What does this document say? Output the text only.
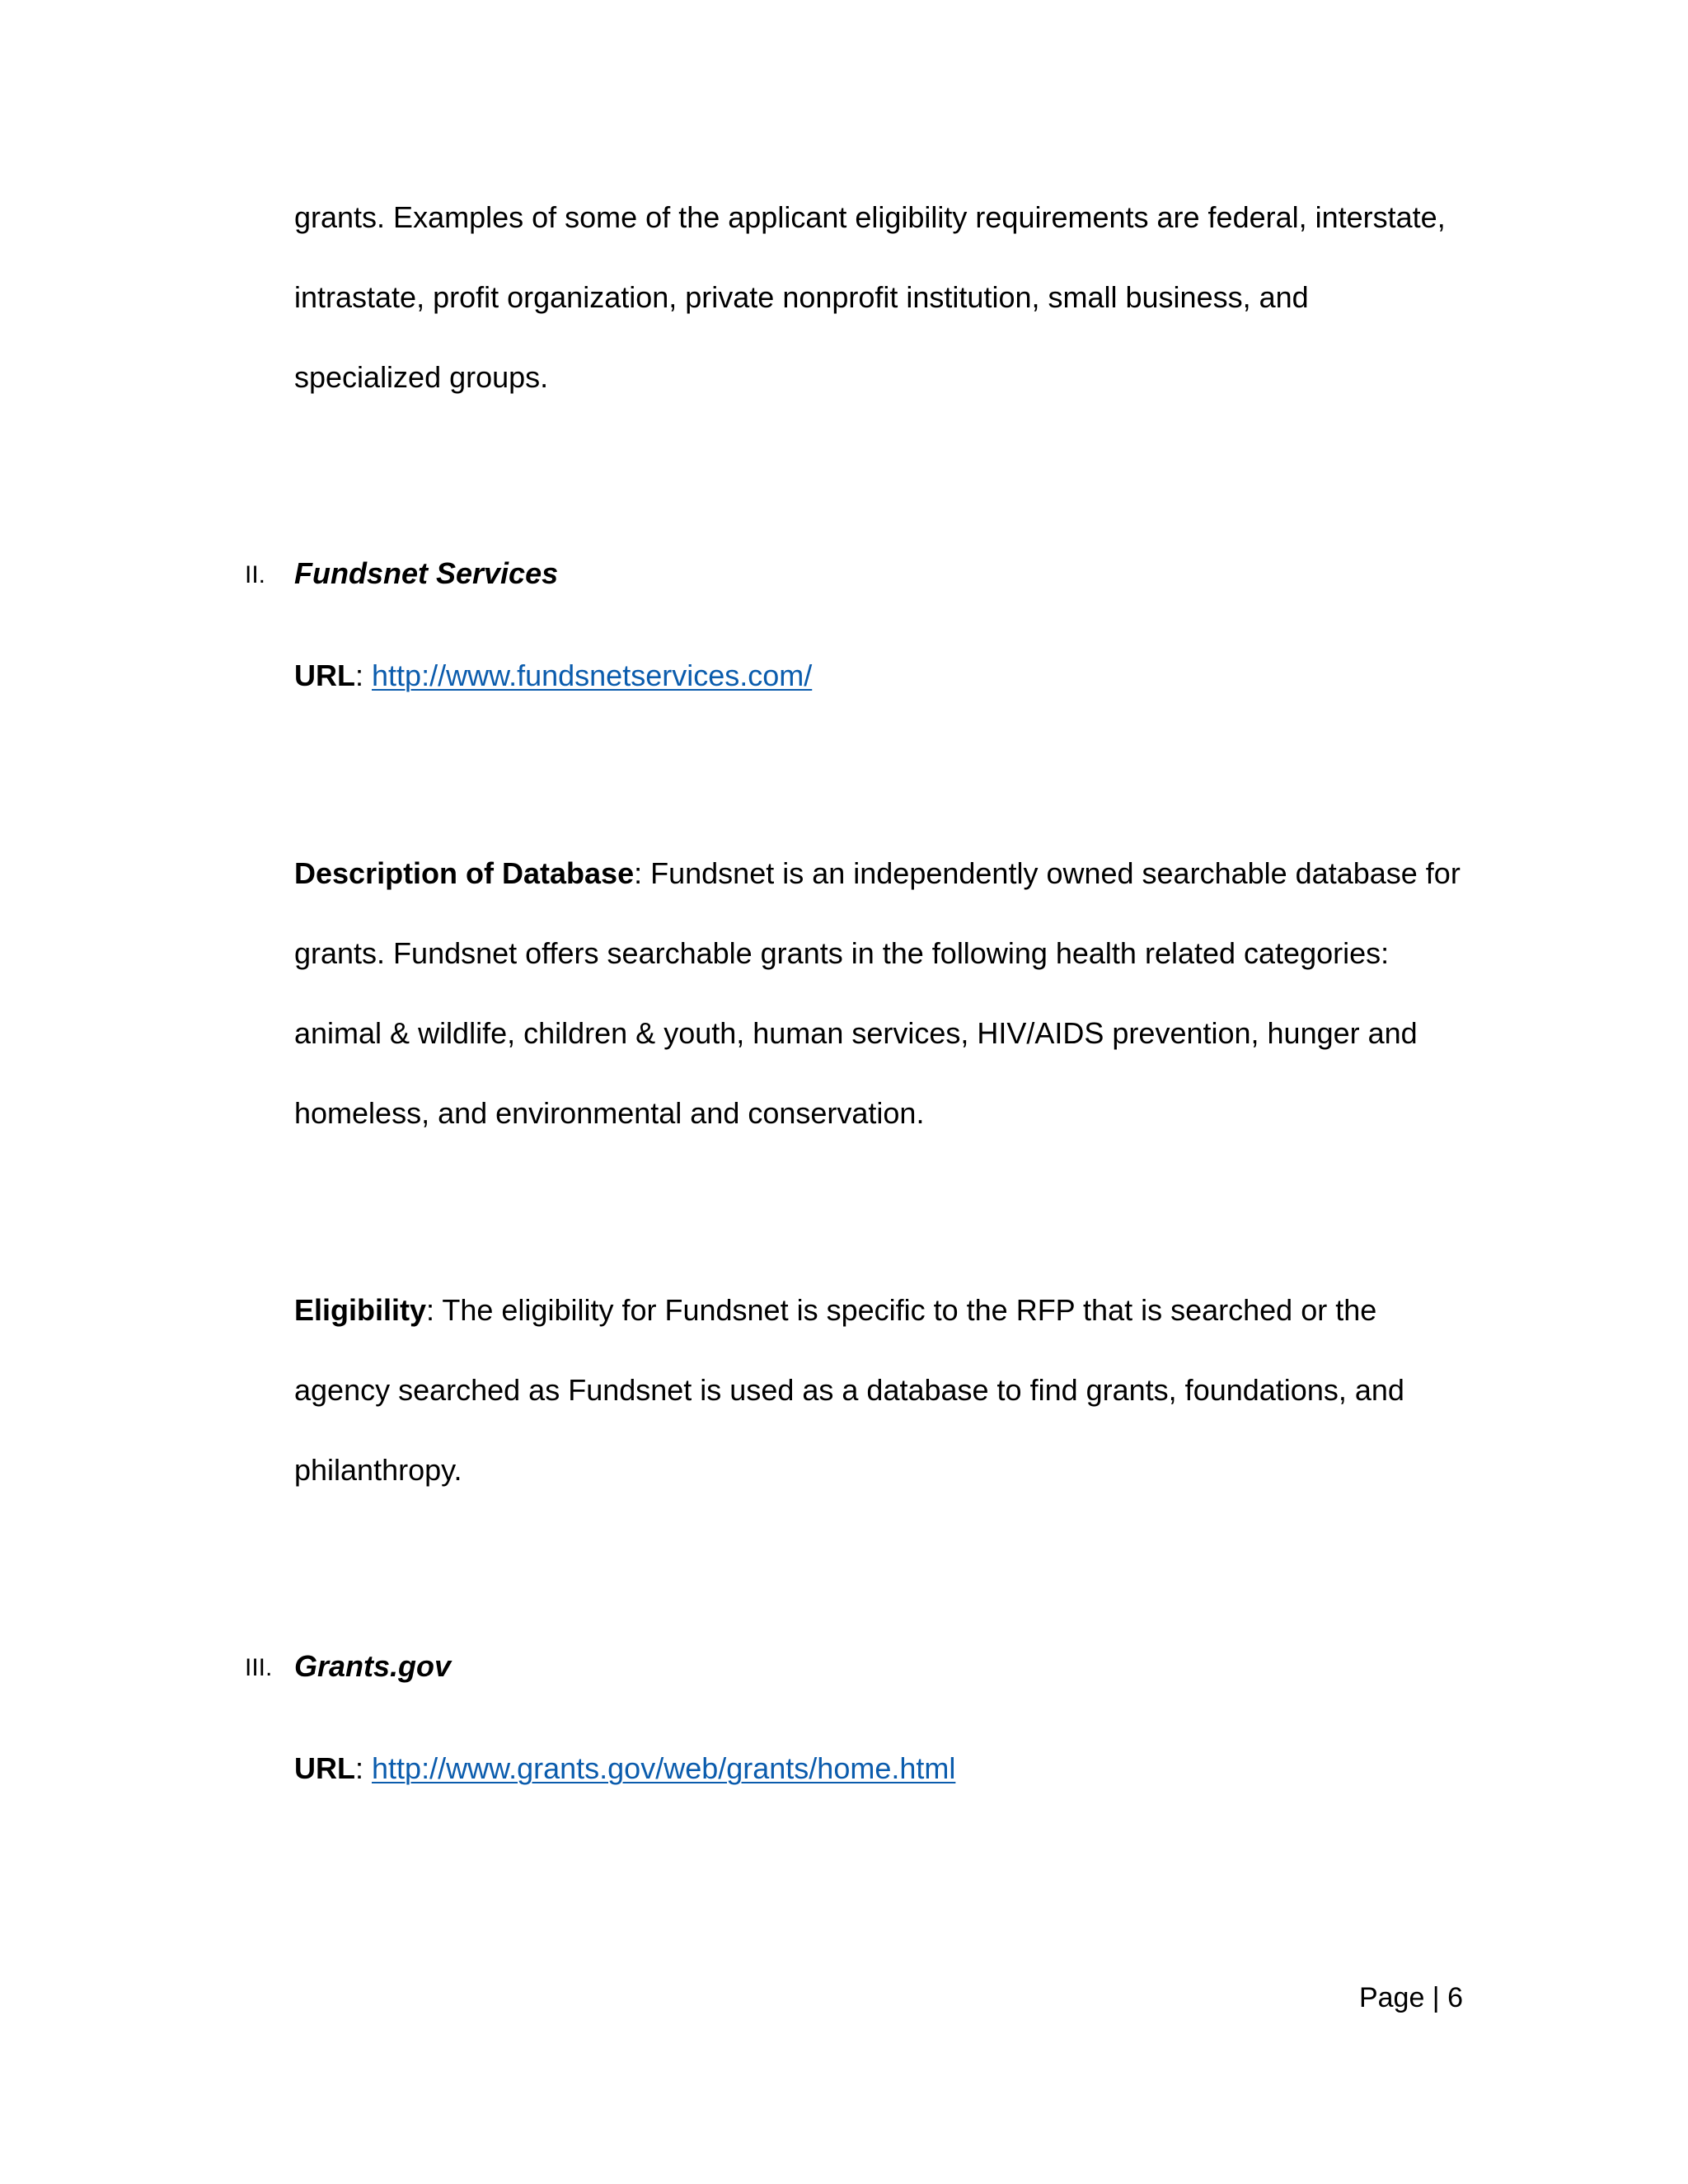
grants. Examples of some of the applicant eligibility requirements are federal, interstate,
intrastate, profit organization, private nonprofit institution, small business, and
specialized groups.
II. Fundsnet Services
URL: http://www.fundsnetservices.com/
Description of Database: Fundsnet is an independently owned searchable database for
grants. Fundsnet offers searchable grants in the following health related categories:
animal & wildlife, children & youth, human services, HIV/AIDS prevention, hunger and
homeless, and environmental and conservation.
Eligibility: The eligibility for Fundsnet is specific to the RFP that is searched or the
agency searched as Fundsnet is used as a database to find grants, foundations, and
philanthropy.
III. Grants.gov
URL: http://www.grants.gov/web/grants/home.html
Page | 6
